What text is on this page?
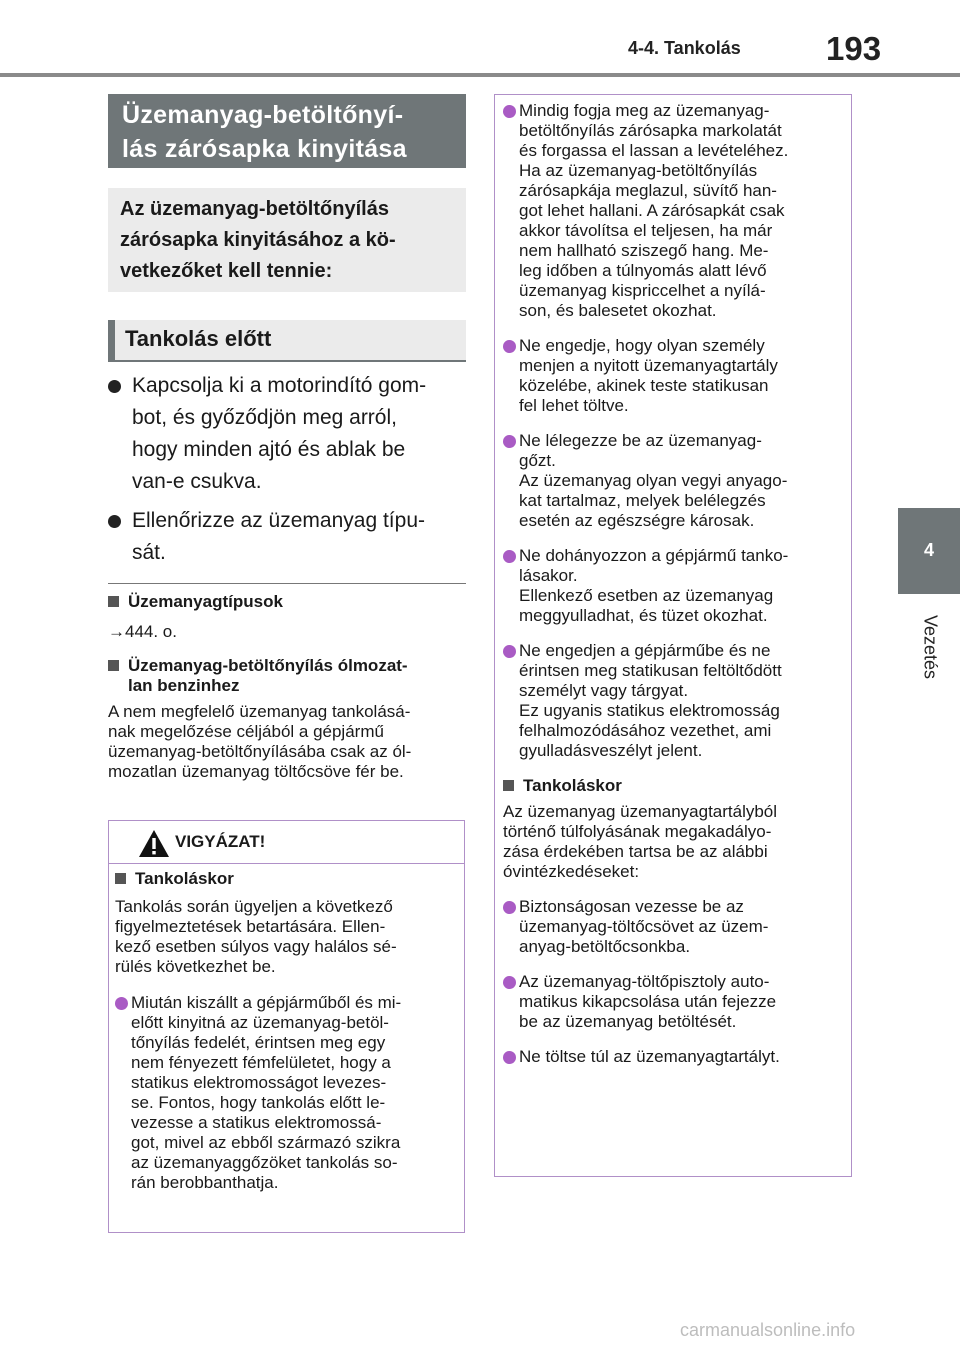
4-4. Tankolás	193
4
Vezetés
Üzemanyag-betöltőnyí-
lás zárósapka kinyitása
Az üzemanyag-betöltőnyílás
zárósapka kinyitásához a kö-
vetkezőket kell tennie:
Tankolás előtt
Kapcsolja ki a motorindító gom-
bot, és győződjön meg arról,
hogy minden ajtó és ablak be
van-e csukva.
Ellenőrizze az üzemanyag típu-
sát.
Üzemanyagtípusok
→444. o.
Üzemanyag-betöltőnyílás ólmozat-
lan benzinhez
A nem megfelelő üzemanyag tankolásá-
nak megelőzése céljából a gépjármű
üzemanyag-betöltőnyílásába csak az ól-
mozatlan üzemanyag töltőcsöve fér be.
VIGYÁZAT!
Tankoláskor
Tankolás során ügyeljen a következő
figyelmeztetések betartására. Ellen-
kező esetben súlyos vagy halálos sé-
rülés következhet be.
Miután kiszállt a gépjárműből és mi-
előtt kinyitná az üzemanyag-betöl-
tőnyílás fedelét, érintsen meg egy
nem fényezett fémfelületet, hogy a
statikus elektromosságot levezes-
se. Fontos, hogy tankolás előtt le-
vezesse a statikus elektromossá-
got, mivel az ebből származó szikra
az üzemanyaggőzöket tankolás so-
rán berobbanthatja.
Mindig fogja meg az üzemanyag-
betöltőnyílás zárósapka markolatát
és forgassa el lassan a levételéhez.
Ha az üzemanyag-betöltőnyílás
zárósapkája meglazul, süvítő han-
got lehet hallani. A zárósapkát csak
akkor távolítsa el teljesen, ha már
nem hallható sziszegő hang. Me-
leg időben a túlnyomás alatt lévő
üzemanyag kispriccelhet a nyílá-
son, és balesetet okozhat.
Ne engedje, hogy olyan személy
menjen a nyitott üzemanyagtartály
közelébe, akinek teste statikusan
fel lehet töltve.
Ne lélegezze be az üzemanyag-
gőzt.
Az üzemanyag olyan vegyi anyago-
kat tartalmaz, melyek belélegzés
esetén az egészségre károsak.
Ne dohányozzon a gépjármű tanko-
lásakor.
Ellenkező esetben az üzemanyag
meggyulladhat, és tüzet okozhat.
Ne engedjen a gépjárműbe és ne
érintsen meg statikusan feltöltődött
személyt vagy tárgyat.
Ez ugyanis statikus elektromosság
felhalmozódásához vezethet, ami
gyulladásveszélyt jelent.
Tankoláskor
Az üzemanyag üzemanyagtartályból
történő túlfolyásának megakadályo-
zása érdekében tartsa be az alábbi
óvintézkedéseket:
Biztonságosan vezesse be az
üzemanyag-töltőcsövet az üzem-
anyag-betöltőcsonkba.
Az üzemanyag-töltőpisztoly auto-
matikus kikapcsolása után fejezze
be az üzemanyag betöltését.
Ne töltse túl az üzemanyagtartályt.
carmanualsonline.info
